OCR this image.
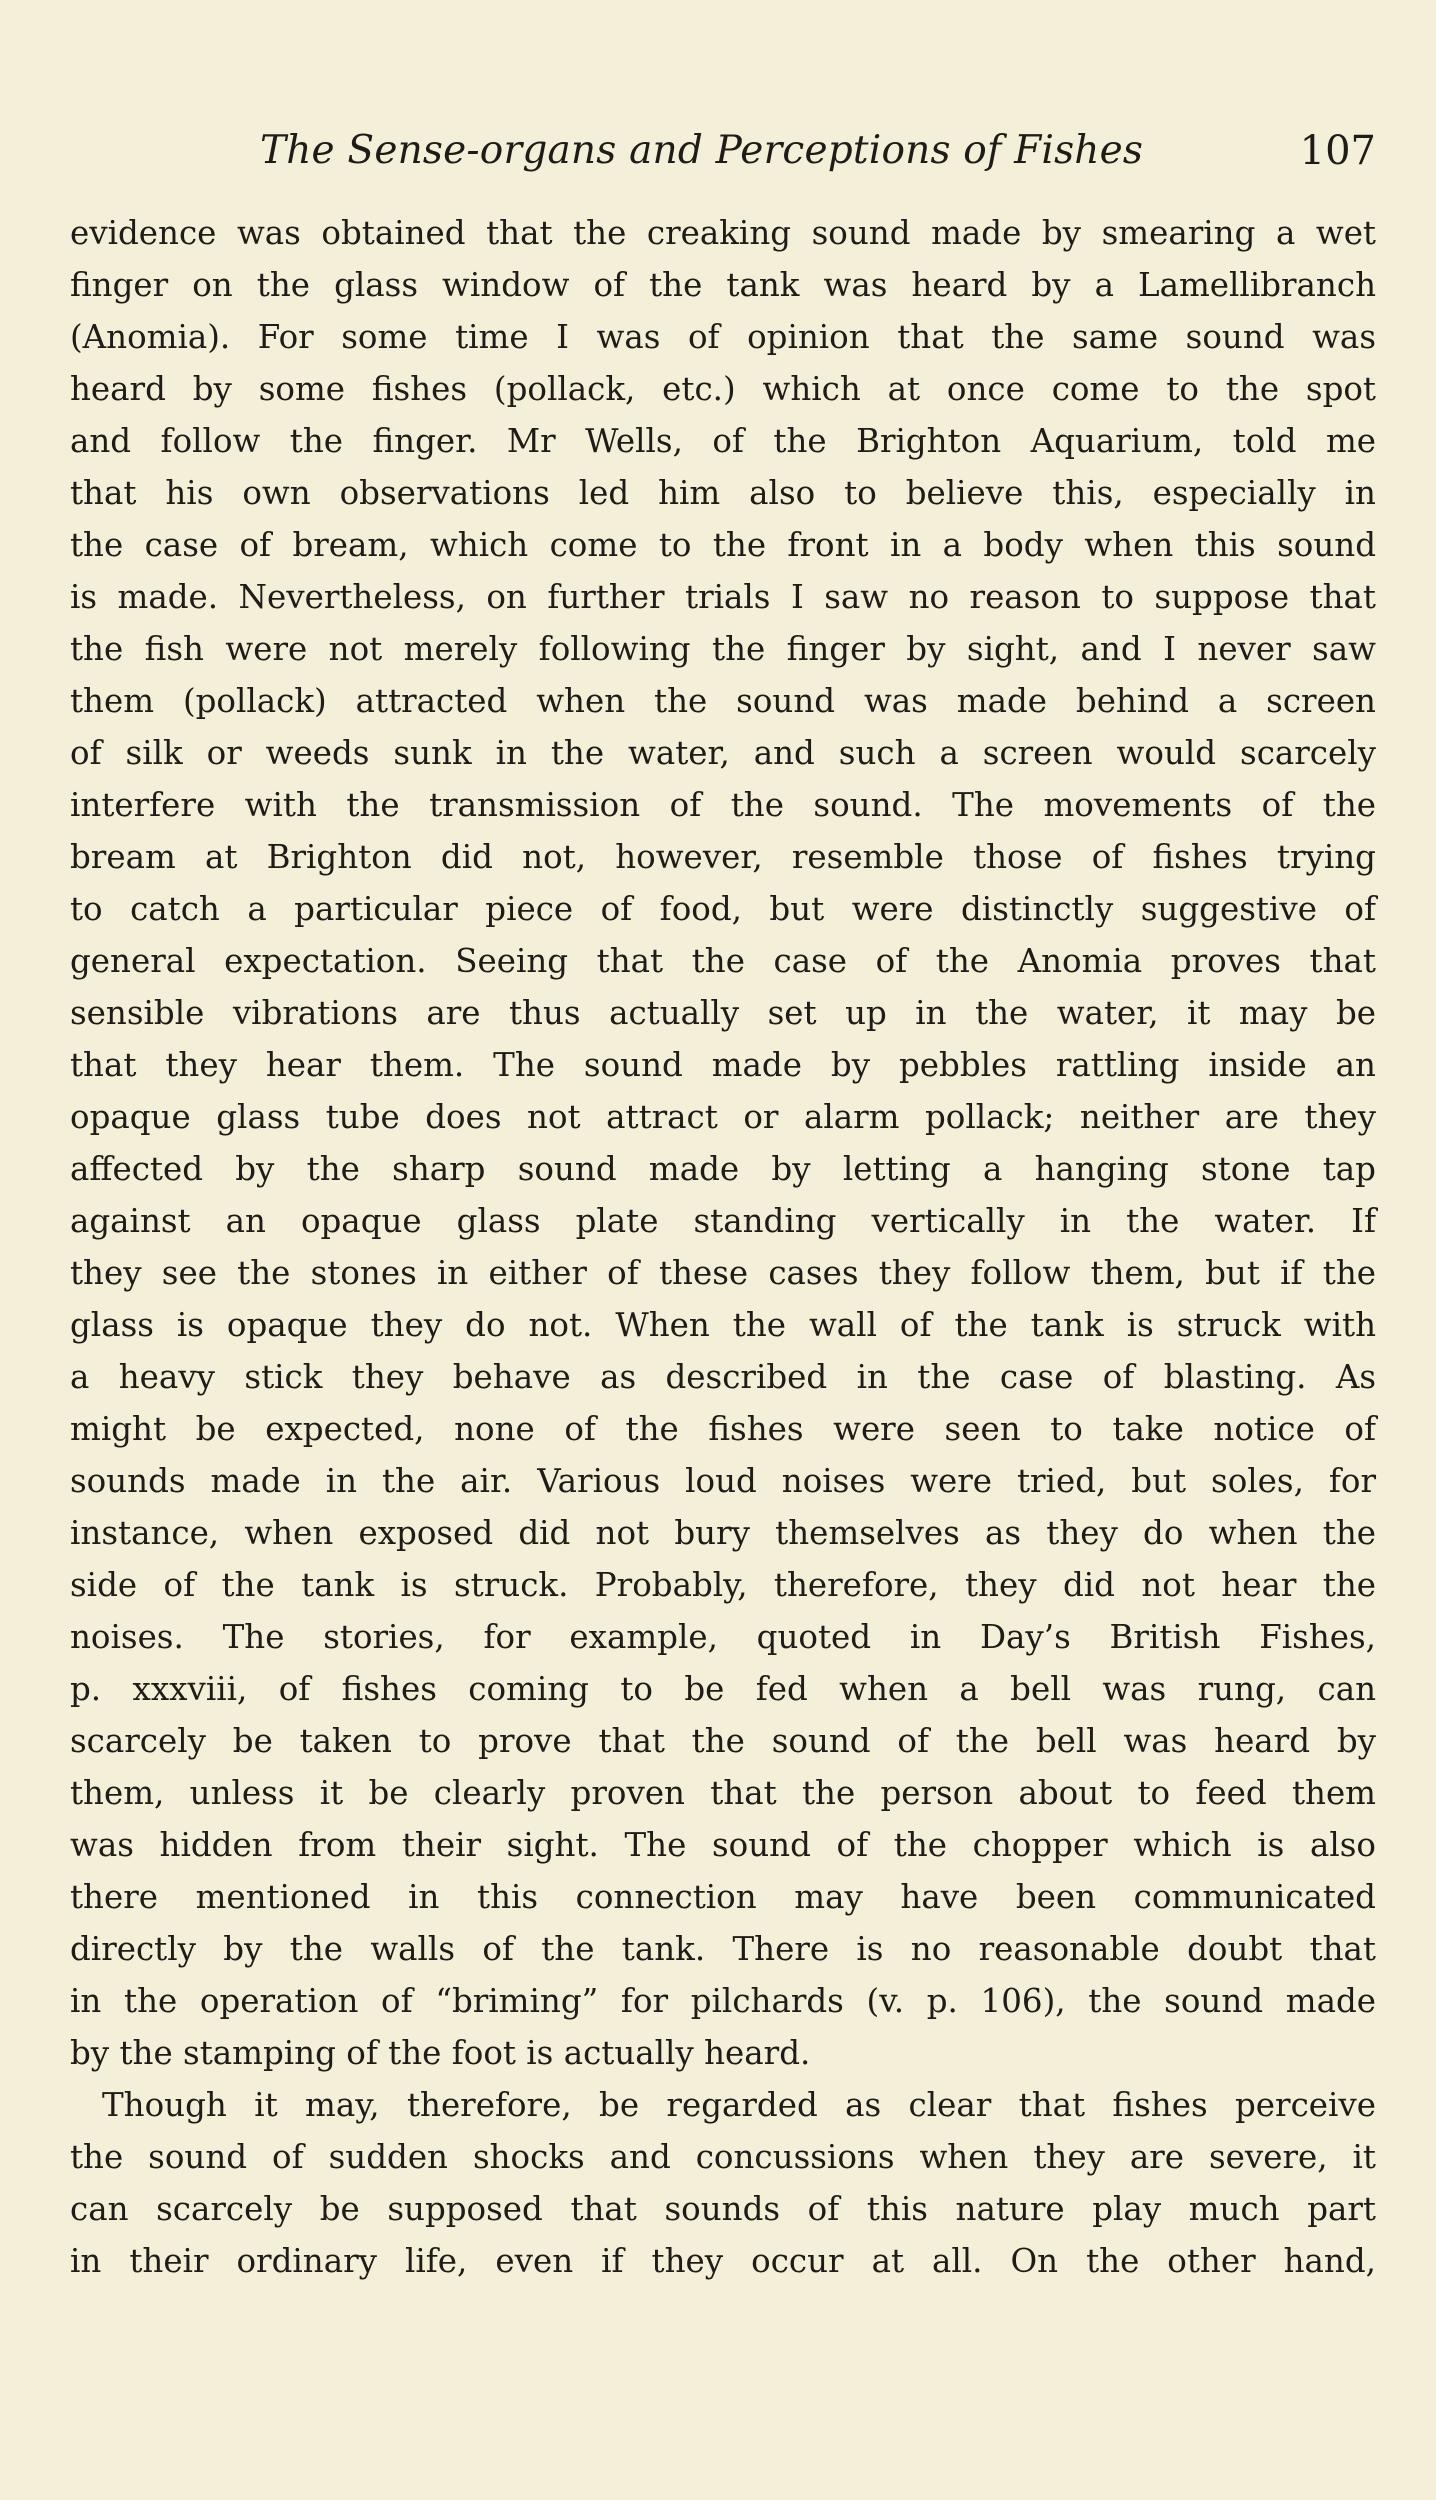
The Sense-organs and Perceptions of Fishes	107
evidence was obtained that the creaking sound made by smearing a wet
finger on the glass window of the tank was heard by a Lamellibranch
(Anomia). For some time I was of opinion that the same sound was
heard by some fishes (pollack, etc.) which at once come to the spot
and follow the finger. Mr Wells, of the Brighton Aquarium, told me
that his own observations led him also to believe this, especially in
the case of bream, which come to the front in a body when this sound
is made. Nevertheless, on further trials I saw no reason to suppose that
the fish were not merely following the finger by sight, and I never saw
them (pollack) attracted when the sound was made behind a screen
of silk or weeds sunk in the water, and such a screen would scarcely
interfere with the transmission of the sound. The movements of the
bream at Brighton did not, however, resemble those of fishes trying
to catch a particular piece of food, but were distinctly suggestive of
general expectation. Seeing that the case of the Anomia proves that
sensible vibrations are thus actually set up in the water, it may be
that they hear them. The sound made by pebbles rattling inside an
opaque glass tube does not attract or alarm pollack; neither are they
affected by the sharp sound made by letting a hanging stone tap
against an opaque glass plate standing vertically in the water. If
they see the stones in either of these cases they follow them, but if the
glass is opaque they do not. When the wall of the tank is struck with
a heavy stick they behave as described in the case of blasting. As
might be expected, none of the fishes were seen to take notice of
sounds made in the air. Various loud noises were tried, but soles, for
instance, when exposed did not bury themselves as they do when the
side of the tank is struck. Probably, therefore, they did not hear the
noises. The stories, for example, quoted in Day’s British Fishes,
p. xxxviii, of fishes coming to be fed when a bell was rung, can
scarcely be taken to prove that the sound of the bell was heard by
them, unless it be clearly proven that the person about to feed them
was hidden from their sight. The sound of the chopper which is also
there mentioned in this connection may have been communicated
directly by the walls of the tank. There is no reasonable doubt that
in the operation of “briming” for pilchards (v. p. 106), the sound made
by the stamping of the foot is actually heard.
Though it may, therefore, be regarded as clear that fishes perceive
the sound of sudden shocks and concussions when they are severe, it
can scarcely be supposed that sounds of this nature play much part
in their ordinary life, even if they occur at all. On the other hand,
